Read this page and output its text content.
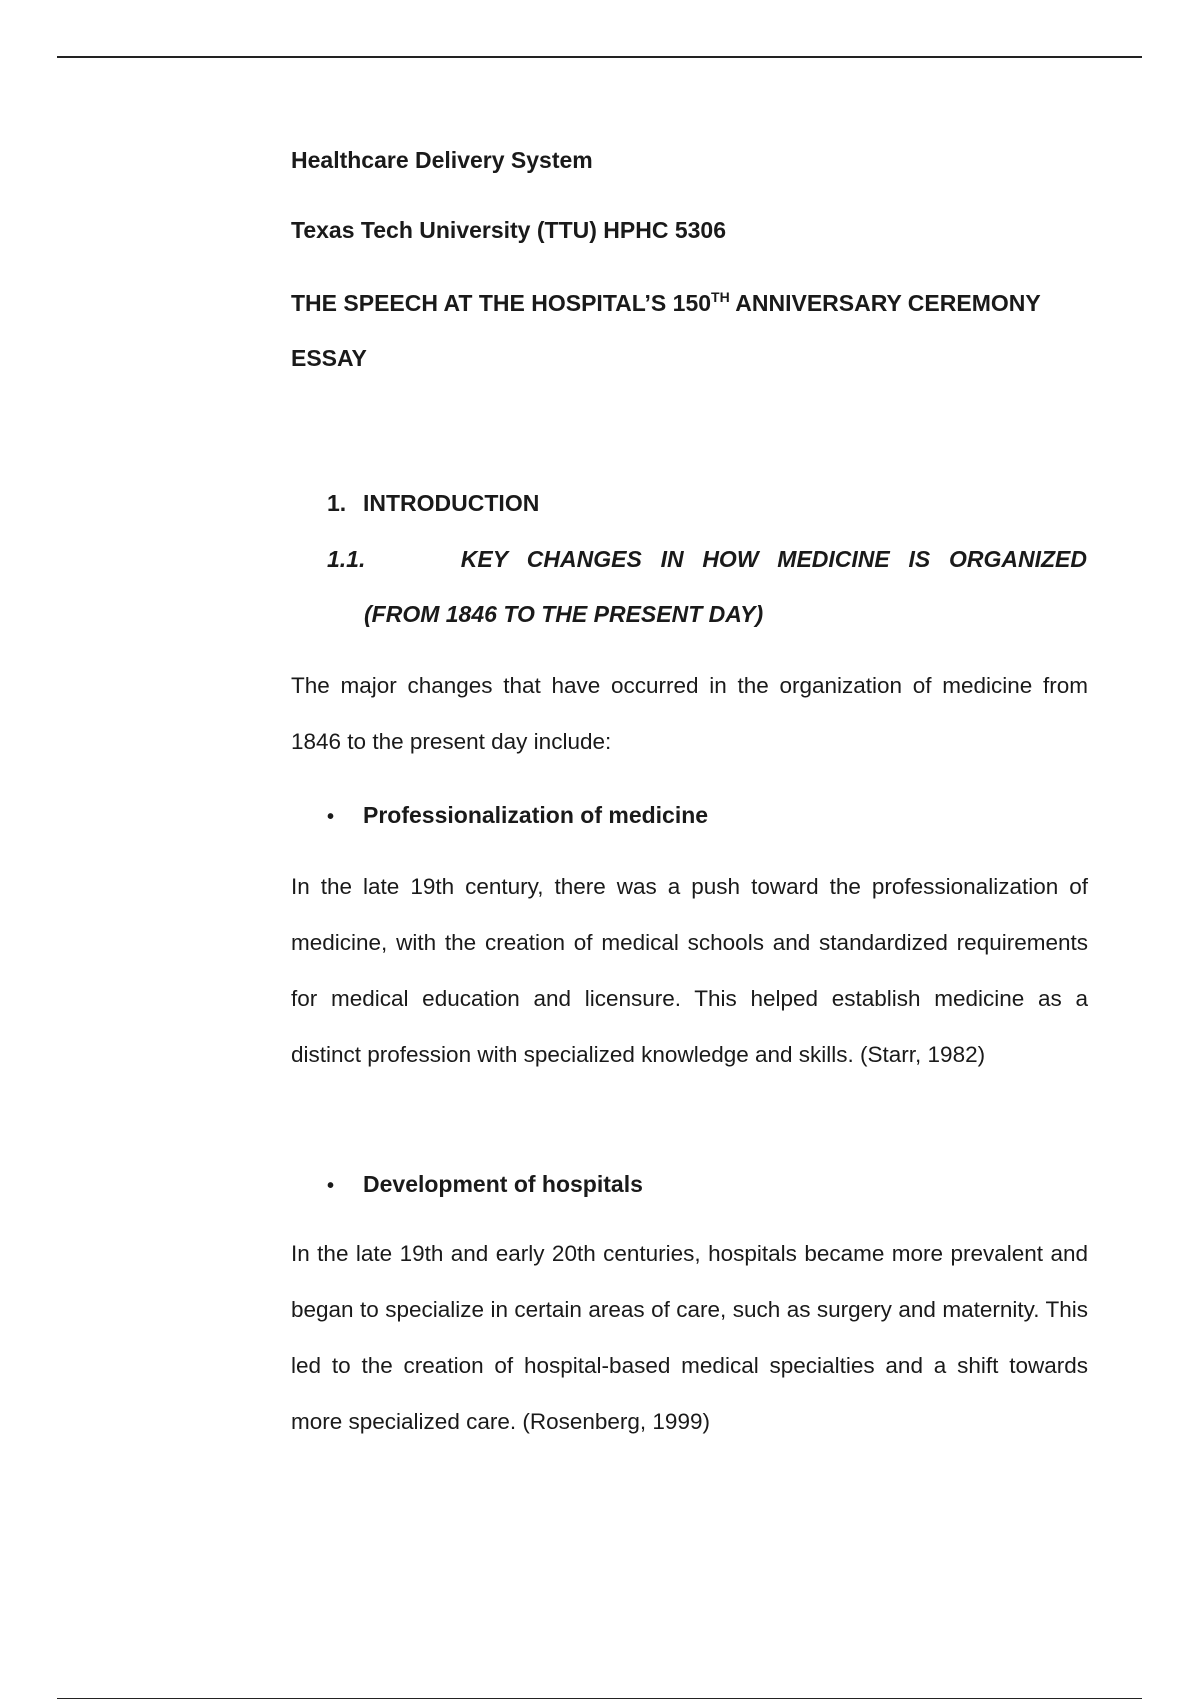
Healthcare Delivery System
Texas Tech University (TTU) HPHC 5306
THE SPEECH AT THE HOSPITAL’S 150TH ANNIVERSARY CEREMONY
ESSAY
1. INTRODUCTION
1.1.	KEY CHANGES IN HOW MEDICINE IS ORGANIZED
(FROM 1846 TO THE PRESENT DAY)

The major changes that have occurred in the organization of medicine from 1846 to the present day include:

• Professionalization of medicine

In the late 19th century, there was a push toward the professionalization of medicine, with the creation of medical schools and standardized requirements for medical education and licensure. This helped establish medicine as a distinct profession with specialized knowledge and skills. (Starr, 1982)

• Development of hospitals

In the late 19th and early 20th centuries, hospitals became more prevalent and began to specialize in certain areas of care, such as surgery and maternity. This led to the creation of hospital-based medical specialties and a shift towards more specialized care. (Rosenberg, 1999)
